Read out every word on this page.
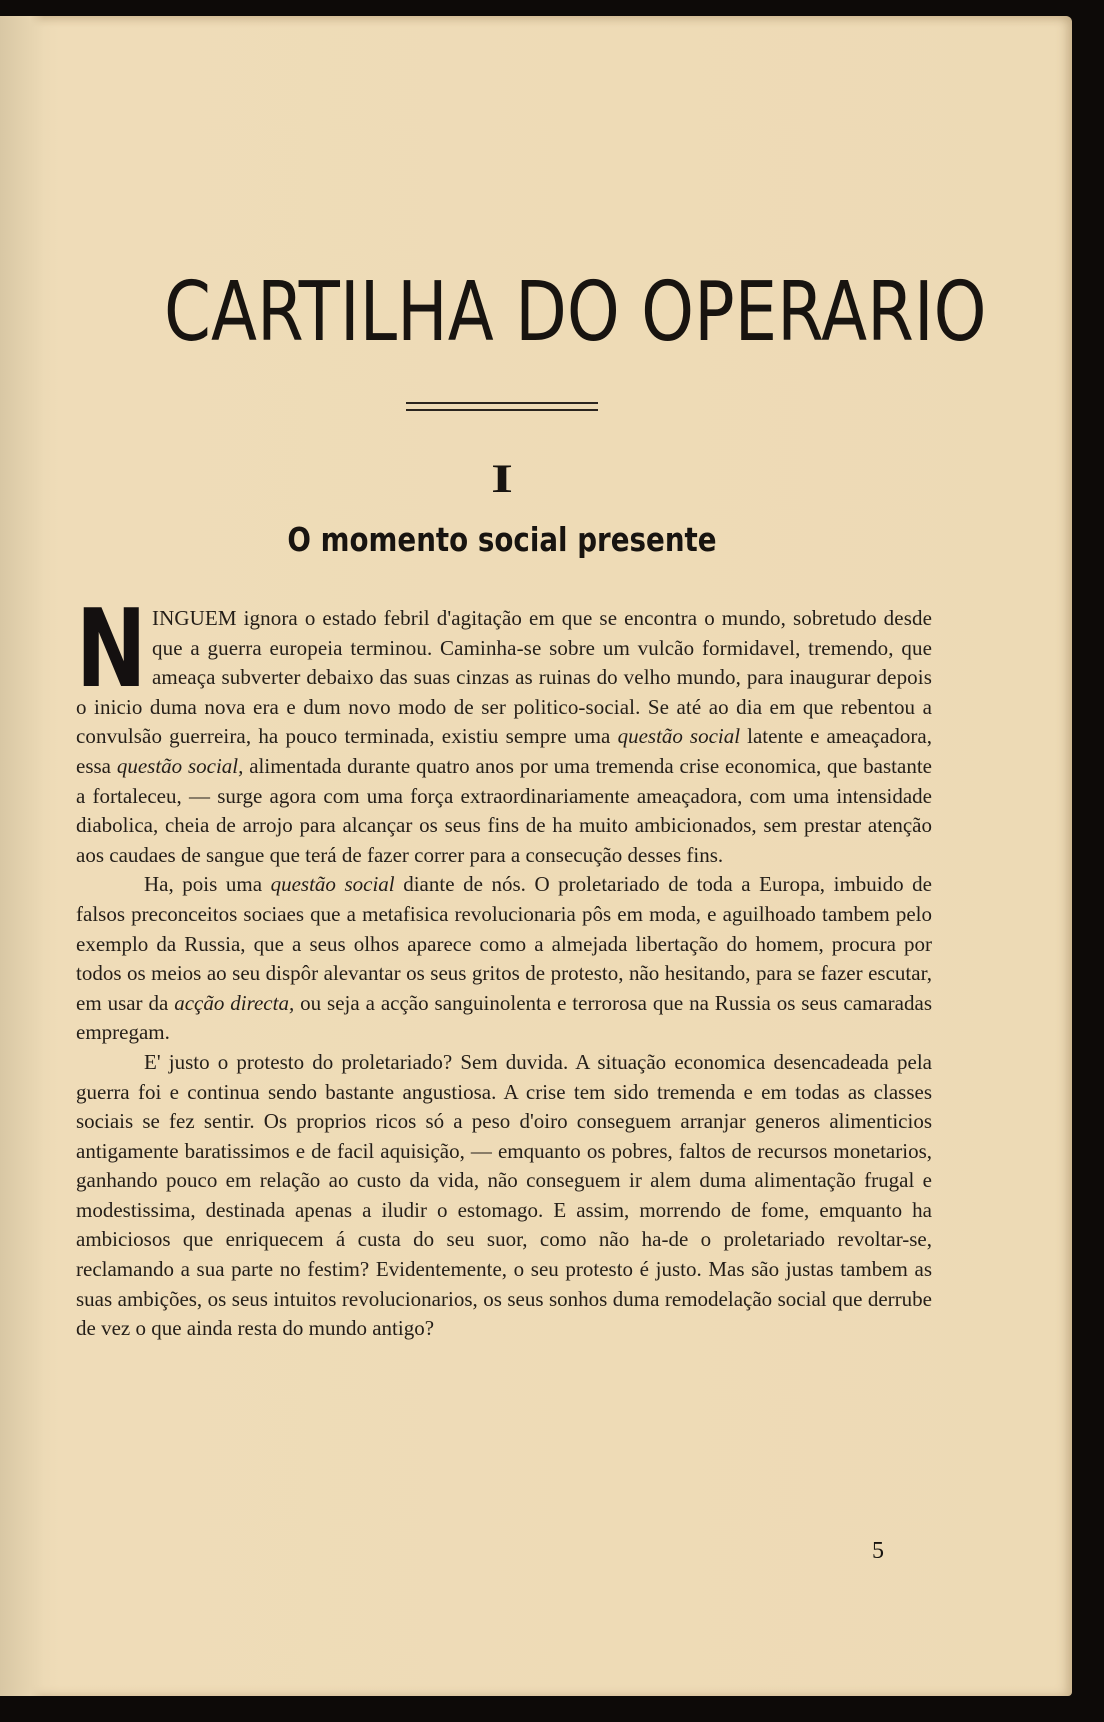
CARTILHA DO OPERARIO
I
O momento social presente

NINGUEM ignora o estado febril d'agitação em que se encontra o mundo, sobretudo desde que a guerra europeia terminou. Caminha-se sobre um vulcão formidavel, tremendo, que ameaça subverter debaixo das suas cinzas as ruinas do velho mundo, para inaugurar depois o inicio duma nova era e dum novo modo de ser politico-social. Se até ao dia em que rebentou a convulsão guerreira, ha pouco terminada, existiu sempre uma questão social latente e ameaçadora, essa questão social, alimentada durante quatro anos por uma tremenda crise economica, que bastante a fortaleceu, — surge agora com uma força extraordinariamente ameaçadora, com uma intensidade diabolica, cheia de arrojo para alcançar os seus fins de ha muito ambicionados, sem prestar atenção aos caudaes de sangue que terá de fazer correr para a consecução desses fins.

Ha, pois uma questão social diante de nós. O proletariado de toda a Europa, imbuido de falsos preconceitos sociaes que a metafisica revolucionaria pôs em moda, e aguilhoado tambem pelo exemplo da Russia, que a seus olhos aparece como a almejada libertação do homem, procura por todos os meios ao seu dispôr alevantar os seus gritos de protesto, não hesitando, para se fazer escutar, em usar da acção directa, ou seja a acção sanguinolenta e terrorosa que na Russia os seus camaradas empregam.

E' justo o protesto do proletariado? Sem duvida. A situação economica desencadeada pela guerra foi e continua sendo bastante angustiosa. A crise tem sido tremenda e em todas as classes sociais se fez sentir. Os proprios ricos só a peso d'oiro conseguem arranjar generos alimenticios antigamente baratissimos e de facil aquisição, — emquanto os pobres, faltos de recursos monetarios, ganhando pouco em relação ao custo da vida, não conseguem ir alem duma alimentação frugal e modestissima, destinada apenas a iludir o estomago. E assim, morrendo de fome, emquanto ha ambiciosos que enriquecem á custa do seu suor, como não ha-de o proletariado revoltar-se, reclamando a sua parte no festim? Evidentemente, o seu protesto é justo. Mas são justas tambem as suas ambições, os seus intuitos revolucionarios, os seus sonhos duma remodelação social que derrube de vez o que ainda resta do mundo antigo?

5
